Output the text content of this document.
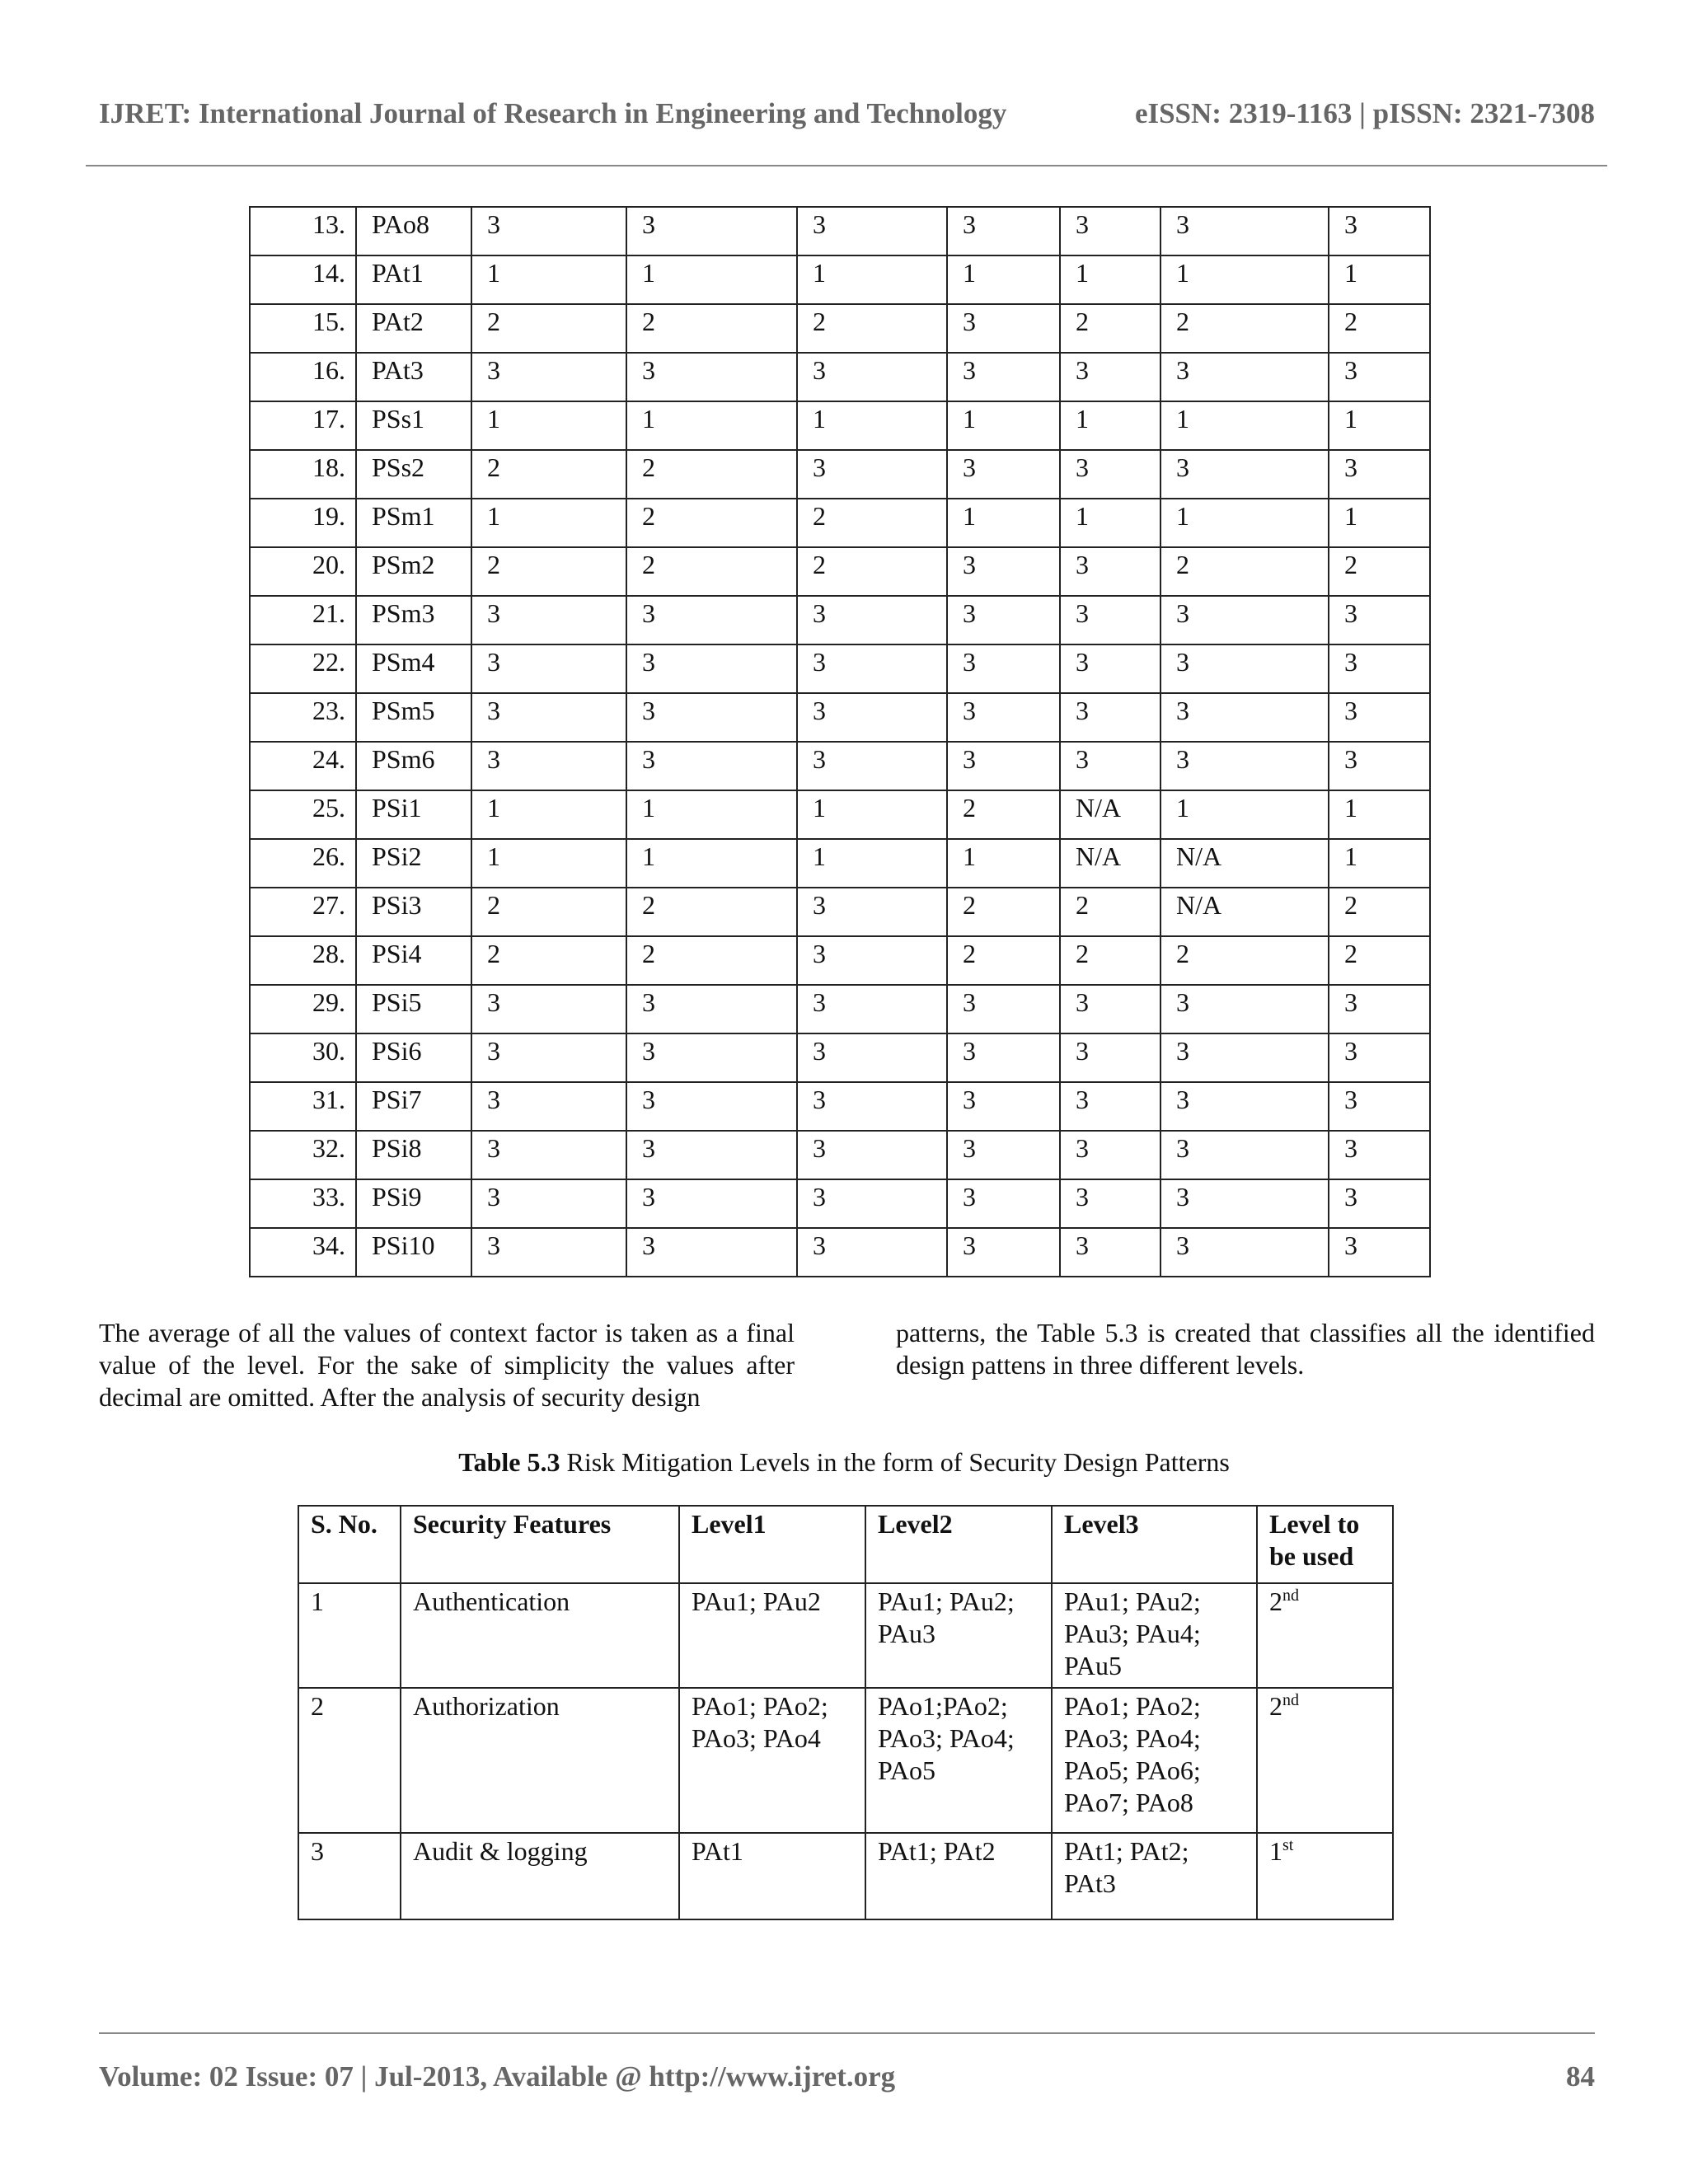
IJRET: International Journal of Research in Engineering and Technology	eISSN: 2319-1163 | pISSN: 2321-7308
13.	PAo8	3	3	3	3	3	3	3
14.	PAt1	1	1	1	1	1	1	1
15.	PAt2	2	2	2	3	2	2	2
16.	PAt3	3	3	3	3	3	3	3
17.	PSs1	1	1	1	1	1	1	1
18.	PSs2	2	2	3	3	3	3	3
19.	PSm1	1	2	2	1	1	1	1
20.	PSm2	2	2	2	3	3	2	2
21.	PSm3	3	3	3	3	3	3	3
22.	PSm4	3	3	3	3	3	3	3
23.	PSm5	3	3	3	3	3	3	3
24.	PSm6	3	3	3	3	3	3	3
25.	PSi1	1	1	1	2	N/A	1	1
26.	PSi2	1	1	1	1	N/A	N/A	1
27.	PSi3	2	2	3	2	2	N/A	2
28.	PSi4	2	2	3	2	2	2	2
29.	PSi5	3	3	3	3	3	3	3
30.	PSi6	3	3	3	3	3	3	3
31.	PSi7	3	3	3	3	3	3	3
32.	PSi8	3	3	3	3	3	3	3
33.	PSi9	3	3	3	3	3	3	3
34.	PSi10	3	3	3	3	3	3	3
The average of all the values of context factor is taken as a final value of the level. For the sake of simplicity the values after decimal are omitted. After the analysis of security design
patterns, the Table 5.3 is created that classifies all the identified design pattens in three different levels.
Table 5.3 Risk Mitigation Levels in the form of Security Design Patterns
S. No.	Security Features	Level1	Level2	Level3	Level to be used
1	Authentication	PAu1; PAu2	PAu1; PAu2; PAu3	PAu1; PAu2; PAu3; PAu4; PAu5	2nd
2	Authorization	PAo1; PAo2; PAo3; PAo4	PAo1;PAo2; PAo3; PAo4; PAo5	PAo1; PAo2; PAo3; PAo4; PAo5; PAo6; PAo7; PAo8	2nd
3	Audit & logging	PAt1	PAt1; PAt2	PAt1; PAt2; PAt3	1st
Volume: 02 Issue: 07 | Jul-2013, Available @ http://www.ijret.org	84
